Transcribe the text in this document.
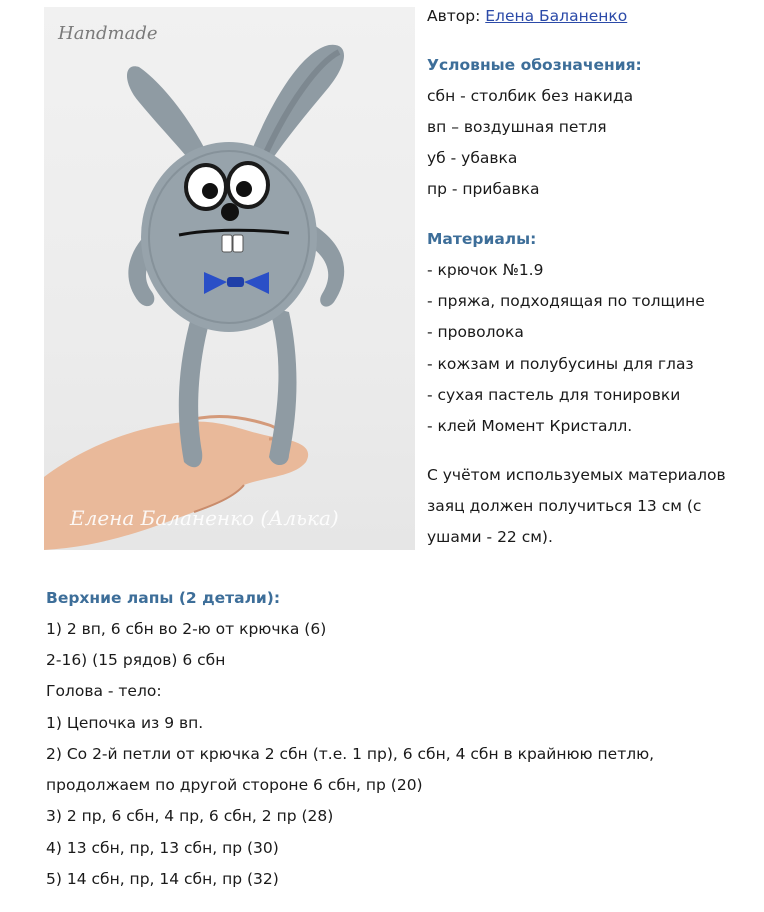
Handmade
Елена Баланенко (Алька)
Автор: Елена Баланенко
Условные обозначения:
сбн - столбик без накида
вп – воздушная петля
уб - убавка
пр - прибавка
Материалы:
- крючок №1.9
- пряжа, подходящая по толщине
- проволока
- кожзам и полубусины для глаз
- сухая пастель для тонировки
- клей Момент Кристалл.
С учётом используемых материалов
заяц должен получиться 13 см (с
ушами - 22 см).
Верхние лапы (2 детали):
1) 2 вп, 6 сбн во 2-ю от крючка (6)
2-16) (15 рядов) 6 сбн
Голова - тело:
1) Цепочка из 9 вп.
2) Со 2-й петли от крючка 2 сбн (т.е. 1 пр), 6 сбн, 4 сбн в крайнюю петлю,
продолжаем по другой стороне 6 сбн, пр (20)
3) 2 пр, 6 сбн, 4 пр, 6 сбн, 2 пр (28)
4) 13 сбн, пр, 13 сбн, пр (30)
5) 14 сбн, пр, 14 сбн, пр (32)
